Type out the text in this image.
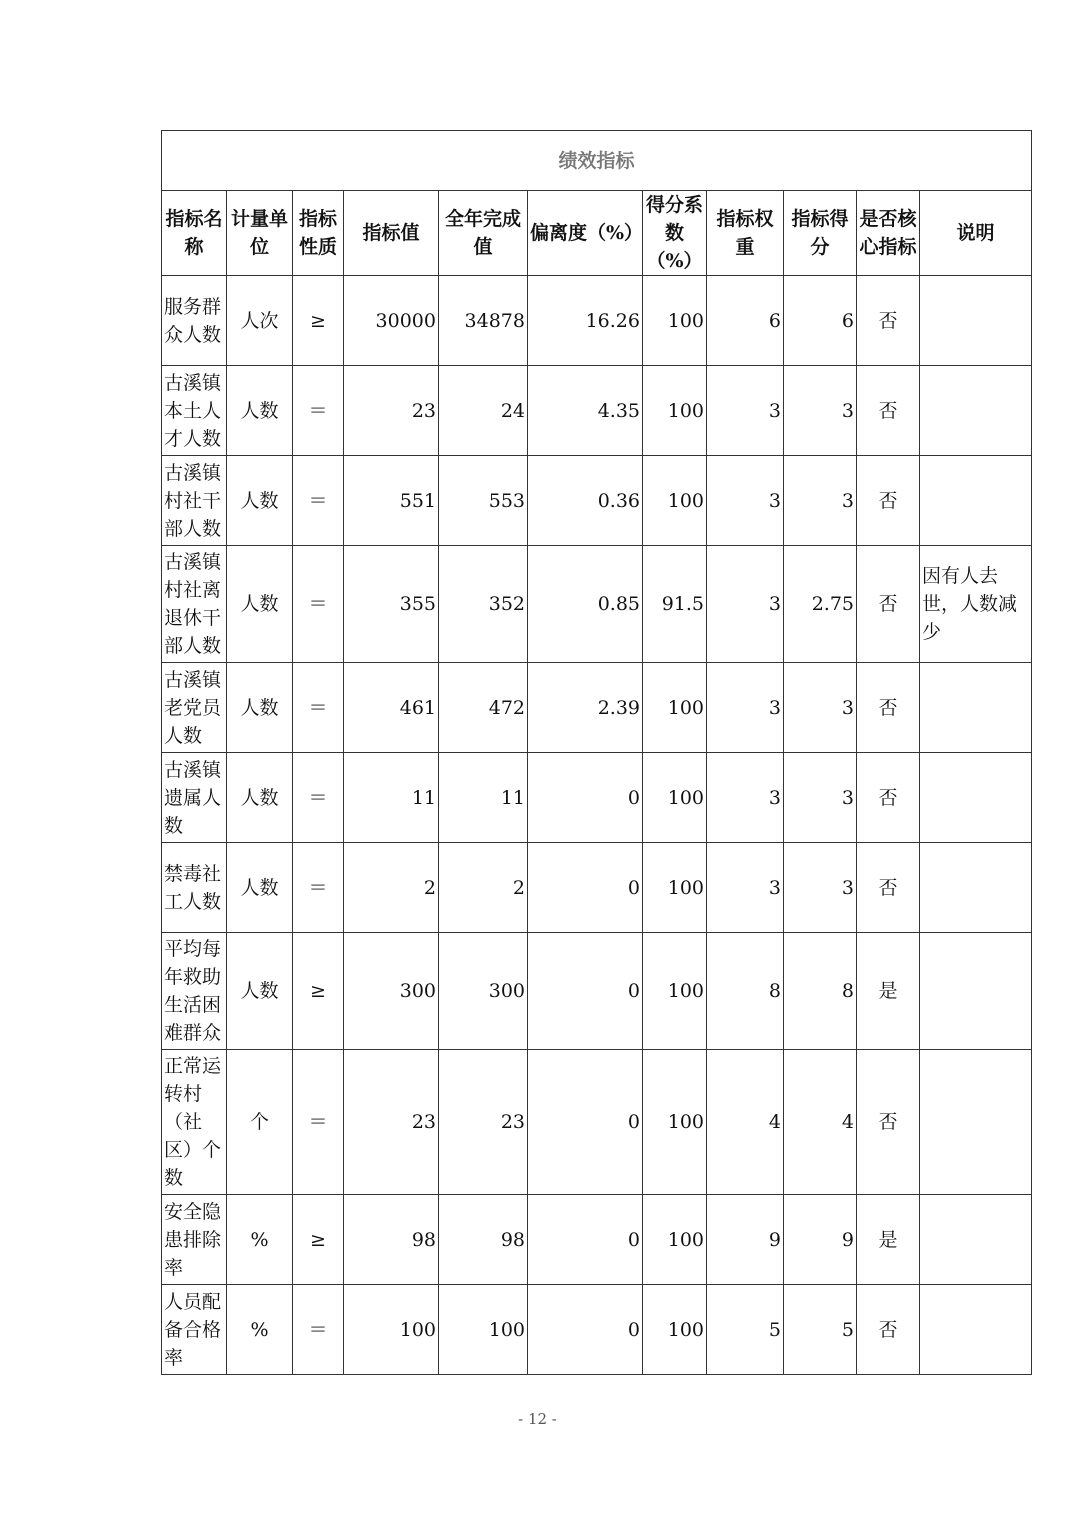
绩效指标										
指标名称	计量单位	指标性质	指标值	全年完成值	偏离度（%）	得分系数（%）	指标权重	指标得分	是否核心指标	说明
服务群众人数	人次	≥	30000	34878	16.26	100	6	6	否	
古溪镇本土人才人数	人数	＝	23	24	4.35	100	3	3	否	
古溪镇村社干部人数	人数	＝	551	553	0.36	100	3	3	否	
古溪镇村社离退休干部人数	人数	＝	355	352	0.85	91.5	3	2.75	否	因有人去世，人数减少
古溪镇老党员人数	人数	＝	461	472	2.39	100	3	3	否	
古溪镇遗属人数	人数	＝	11	11	0	100	3	3	否	
禁毒社工人数	人数	＝	2	2	0	100	3	3	否	
平均每年救助生活困难群众	人数	≥	300	300	0	100	8	8	是	
正常运转村（社区）个数	个	＝	23	23	0	100	4	4	否	
安全隐患排除率	%	≥	98	98	0	100	9	9	是	
人员配备合格率	%	＝	100	100	0	100	5	5	否	
- 12 -
